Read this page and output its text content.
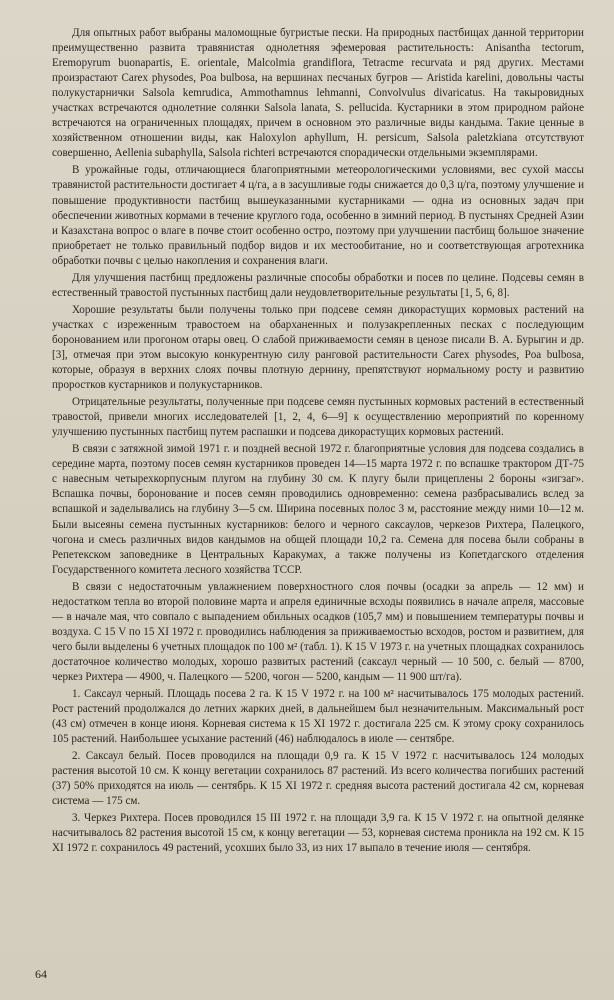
Для опытных работ выбраны маломощные бугристые пески. На природных пастбищах данной территории преимущественно развита травянистая однолетняя эфемеровая растительность: Anisantha tectorum, Eremopyrum buonapartis, E. orientale, Malcolmia grandiflora, Tetracme recurvata и ряд других. Местами произрастают Carex physodes, Poa bulbosa, на вершинах песчаных бугров — Aristida karelini, довольны часты полукустарнички Salsola kemrudica, Ammothamnus lehmanni, Convolvulus divaricatus. На такыровидных участках встречаются однолетние солянки Salsola lanata, S. pellucida. Кустарники в этом природном районе встречаются на ограниченных площадях, причем в основном это различные виды кандыма. Такие ценные в хозяйственном отношении виды, как Haloxylon aphyllum, H. persicum, Salsola paletzkiana отсутствуют совершенно, Aellenia subaphylla, Salsola richteri встречаются спорадически отдельными экземплярами.

В урожайные годы, отличающиеся благоприятными метеорологическими условиями, вес сухой массы травянистой растительности достигает 4 ц/га, а в засушливые годы снижается до 0,3 ц/га, поэтому улучшение и повышение продуктивности пастбищ вышеуказанными кустарниками — одна из основных задач при обеспечении животных кормами в течение круглого года, особенно в зимний период. В пустынях Средней Азии и Казахстана вопрос о влаге в почве стоит особенно остро, поэтому при улучшении пастбищ большое значение приобретает не только правильный подбор видов и их местообитание, но и соответствующая агротехника обработки почвы с целью накопления и сохранения влаги.

Для улучшения пастбищ предложены различные способы обработки и посев по целине. Подсевы семян в естественный травостой пустынных пастбищ дали неудовлетворительные результаты [1, 5, 6, 8].

Хорошие результаты были получены только при подсеве семян дикорастущих кормовых растений на участках с изреженным травостоем на обарханенных и полузакрепленных песках с последующим боронованием или прогоном отары овец. О слабой приживаемости семян в ценозе писали В. А. Бурыгин и др. [3], отмечая при этом высокую конкурентную силу ранговой растительности Carex physodes, Poa bulbosa, которые, образуя в верхних слоях почвы плотную дернину, препятствуют нормальному росту и развитию проростков кустарников и полукустарников.

Отрицательные результаты, полученные при подсеве семян пустынных кормовых растений в естественный травостой, привели многих исследователей [1, 2, 4, 6—9] к осуществлению мероприятий по коренному улучшению пустынных пастбищ путем распашки и подсева дикорастущих кормовых растений.

В связи с затяжной зимой 1971 г. и поздней весной 1972 г. благоприятные условия для подсева создались в середине марта, поэтому посев семян кустарников проведен 14—15 марта 1972 г. по вспашке трактором ДТ-75 с навесным четырехкорпусным плугом на глубину 30 см. К плугу были прицеплены 2 бороны «зигзаг». Вспашка почвы, боронование и посев семян проводились одновременно: семена разбрасывались вслед за вспашкой и заделывались на глубину 3—5 см. Ширина посевных полос 3 м, расстояние между ними 10—12 м. Были высеяны семена пустынных кустарников: белого и черного саксаулов, черкезов Рихтера, Палецкого, чогона и смесь различных видов кандымов на общей площади 10,2 га. Семена для посева были собраны в Репетекском заповеднике в Центральных Каракумах, а также получены из Копетдагского отделения Государственного комитета лесного хозяйства ТССР.

В связи с недостаточным увлажнением поверхностного слоя почвы (осадки за апрель — 12 мм) и недостатком тепла во второй половине марта и апреля единичные всходы появились в начале апреля, массовые — в начале мая, что совпало с выпадением обильных осадков (105,7 мм) и повышением температуры почвы и воздуха. С 15 V по 15 XI 1972 г. проводились наблюдения за приживаемостью всходов, ростом и развитием, для чего были выделены 6 учетных площадок по 100 м² (табл. 1). К 15 V 1973 г. на учетных площадках сохранилось достаточное количество молодых, хорошо развитых растений (саксаул черный — 10 500, с. белый — 8700, черкез Рихтера — 4900, ч. Палецкого — 5200, чогон — 5200, кандым — 11 900 шт/га).

1. Саксаул черный. Площадь посева 2 га. К 15 V 1972 г. на 100 м² насчитывалось 175 молодых растений. Рост растений продолжался до летних жарких дней, в дальнейшем был незначительным. Максимальный рост (43 см) отмечен в конце июня. Корневая система к 15 XI 1972 г. достигала 225 см. К этому сроку сохранилось 105 растений. Наибольшее усыхание растений (46) наблюдалось в июле — сентябре.

2. Саксаул белый. Посев проводился на площади 0,9 га. К 15 V 1972 г. насчитывалось 124 молодых растения высотой 10 см. К концу вегетации сохранилось 87 растений. Из всего количества погибших растений (37) 50% приходятся на июль — сентябрь. К 15 XI 1972 г. средняя высота растений достигала 42 см, корневая система — 175 см.

3. Черкез Рихтера. Посев проводился 15 III 1972 г. на площади 3,9 га. К 15 V 1972 г. на опытной делянке насчитывалось 82 растения высотой 15 см, к концу вегетации — 53, корневая система проникла на 192 см. К 15 XI 1972 г. сохранилось 49 растений, усохших было 33, из них 17 выпало в течение июля — сентября.

64
